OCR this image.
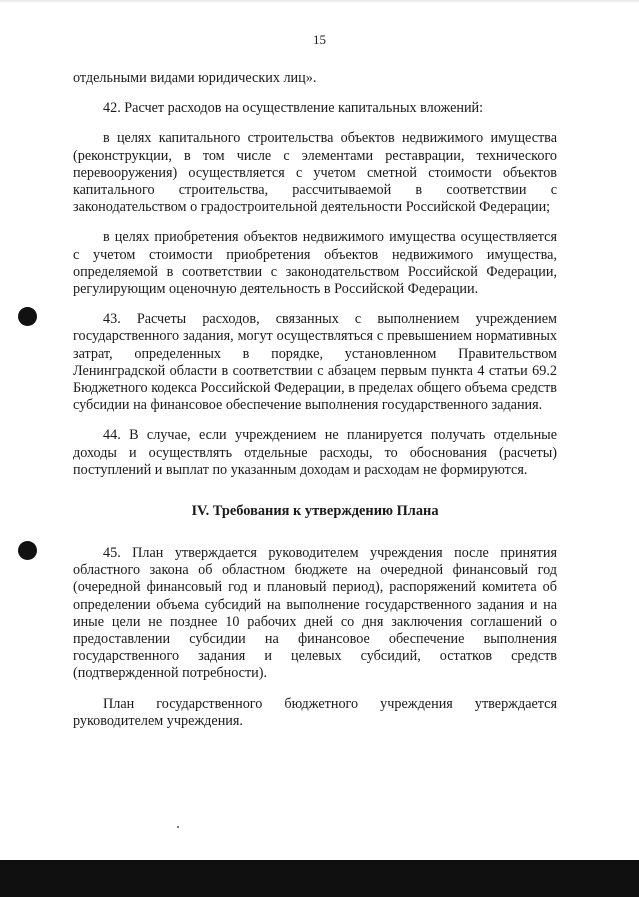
15

отдельными видами юридических лиц».

42. Расчет расходов на осуществление капитальных вложений:

в целях капитального строительства объектов недвижимого имущества (реконструкции, в том числе с элементами реставрации, технического перевооружения) осуществляется с учетом сметной стоимости объектов капитального строительства, рассчитываемой в соответствии с законодательством о градостроительной деятельности Российской Федерации;

в целях приобретения объектов недвижимого имущества осуществляется с учетом стоимости приобретения объектов недвижимого имущества, определяемой в соответствии с законодательством Российской Федерации, регулирующим оценочную деятельность в Российской Федерации.

43. Расчеты расходов, связанных с выполнением учреждением государственного задания, могут осуществляться с превышением нормативных затрат, определенных в порядке, установленном Правительством Ленинградской области в соответствии с абзацем первым пункта 4 статьи 69.2 Бюджетного кодекса Российской Федерации, в пределах общего объема средств субсидии на финансовое обеспечение выполнения государственного задания.

44. В случае, если учреждением не планируется получать отдельные доходы и осуществлять отдельные расходы, то обоснования (расчеты) поступлений и выплат по указанным доходам и расходам не формируются.

IV. Требования к утверждению Плана

45. План утверждается руководителем учреждения после принятия областного закона об областном бюджете на очередной финансовый год (очередной финансовый год и плановый период), распоряжений комитета об определении объема субсидий на выполнение государственного задания и на иные цели не позднее 10 рабочих дней со дня заключения соглашений о предоставлении субсидии на финансовое обеспечение выполнения государственного задания и целевых субсидий, остатков средств (подтвержденной потребности).

План государственного бюджетного учреждения утверждается руководителем учреждения.
